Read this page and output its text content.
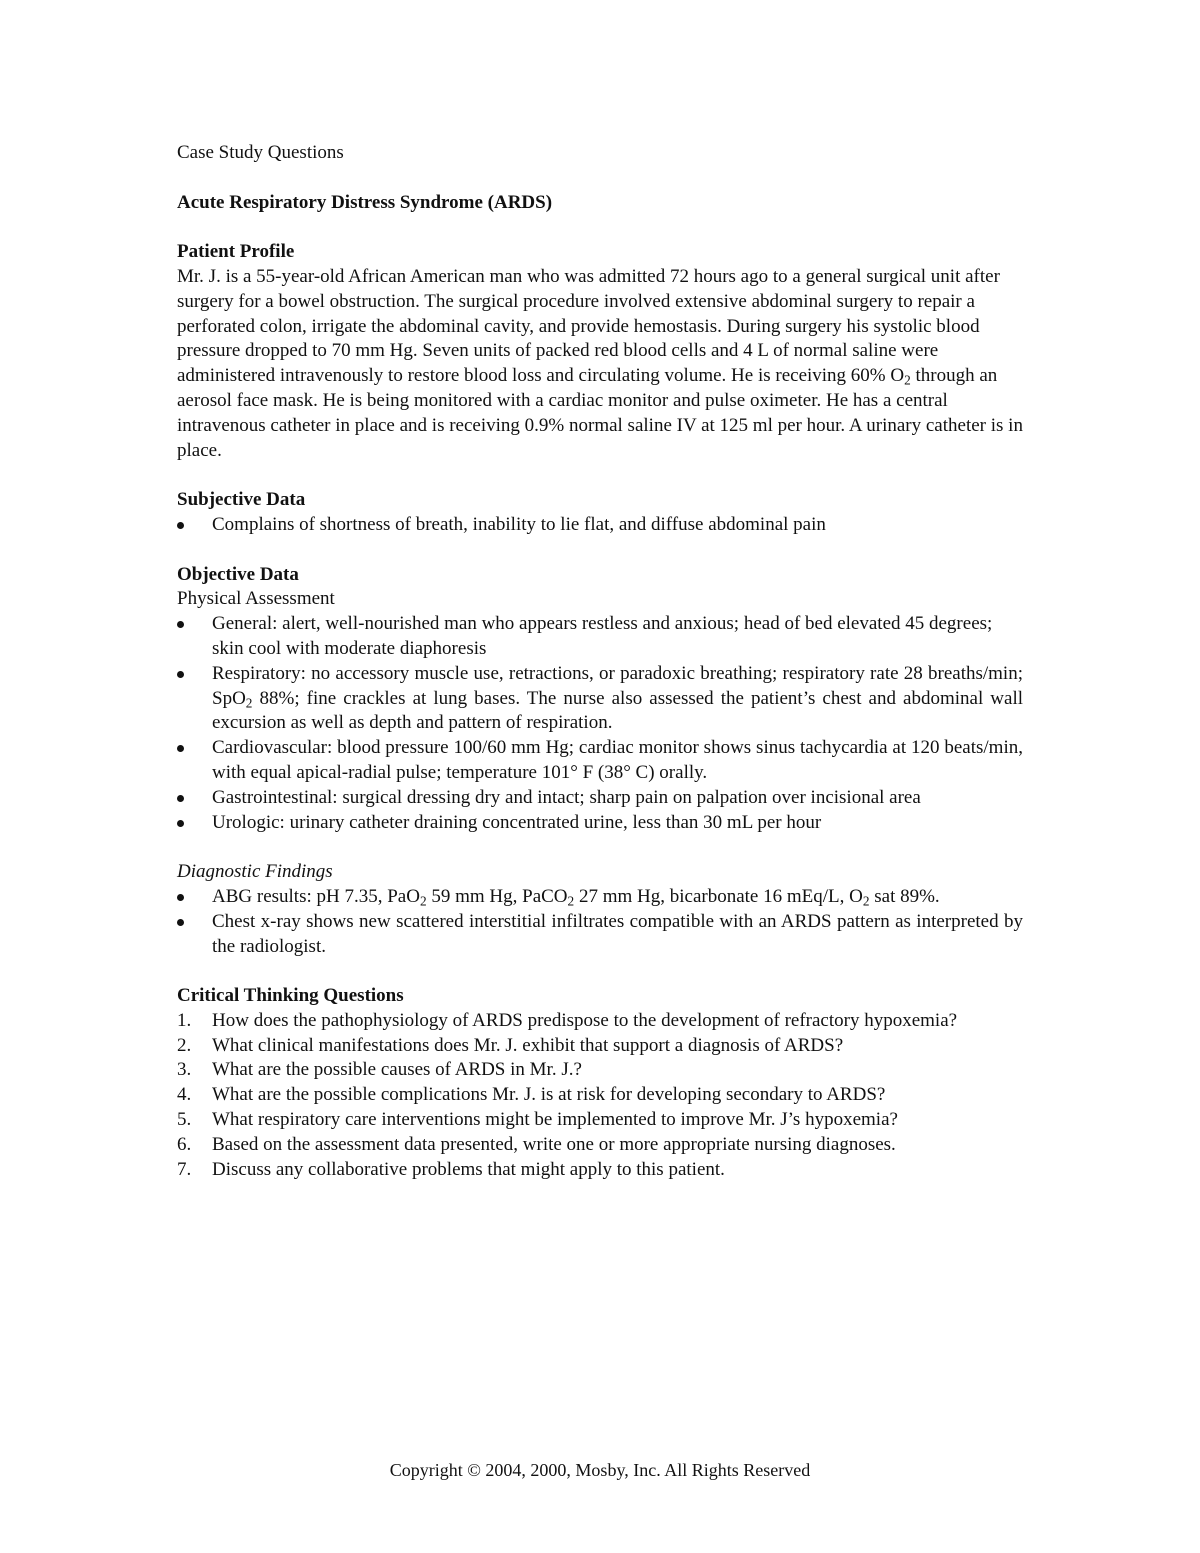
Case Study Questions

Acute Respiratory Distress Syndrome (ARDS)

Patient Profile

Mr. J. is a 55-year-old African American man who was admitted 72 hours ago to a general surgical unit after surgery for a bowel obstruction. The surgical procedure involved extensive abdominal surgery to repair a perforated colon, irrigate the abdominal cavity, and provide hemostasis. During surgery his systolic blood pressure dropped to 70 mm Hg. Seven units of packed red blood cells and 4 L of normal saline were administered intravenously to restore blood loss and circulating volume. He is receiving 60% $O_2$ through an aerosol face mask. He is being monitored with a cardiac monitor and pulse oximeter. He has a central intravenous catheter in place and is receiving 0.9% normal saline IV at 125 ml per hour. A urinary catheter is in place.

Subjective Data

Complains of shortness of breath, inability to lie flat, and diffuse abdominal pain

Objective Data

Physical Assessment

General: alert, well-nourished man who appears restless and anxious; head of bed elevated 45 degrees; skin cool with moderate diaphoresis
Respiratory: no accessory muscle use, retractions, or paradoxic breathing; respiratory rate 28 breaths/min; SpO$_2$ 88%; fine crackles at lung bases. The nurse also assessed the patient’s chest and abdominal wall excursion as well as depth and pattern of respiration.
Cardiovascular: blood pressure 100/60 mm Hg; cardiac monitor shows sinus tachycardia at 120 beats/min, with equal apical-radial pulse; temperature 101° F (38° C) orally.
Gastrointestinal: surgical dressing dry and intact; sharp pain on palpation over incisional area
Urologic: urinary catheter draining concentrated urine, less than 30 mL per hour

Diagnostic Findings

ABG results: pH 7.35, PaO$_2$ 59 mm Hg, PaCO$_2$ 27 mm Hg, bicarbonate 16 mEq/L, $O_2$ sat 89%.
Chest x-ray shows new scattered interstitial infiltrates compatible with an ARDS pattern as interpreted by the radiologist.

Critical Thinking Questions

1.	How does the pathophysiology of ARDS predispose to the development of refractory hypoxemia?
2.	What clinical manifestations does Mr. J. exhibit that support a diagnosis of ARDS?
3.	What are the possible causes of ARDS in Mr. J.?
4.	What are the possible complications Mr. J. is at risk for developing secondary to ARDS?
5.	What respiratory care interventions might be implemented to improve Mr. J’s hypoxemia?
6.	Based on the assessment data presented, write one or more appropriate nursing diagnoses.
7.	Discuss any collaborative problems that might apply to this patient.
Copyright © 2004, 2000, Mosby, Inc. All Rights Reserved
